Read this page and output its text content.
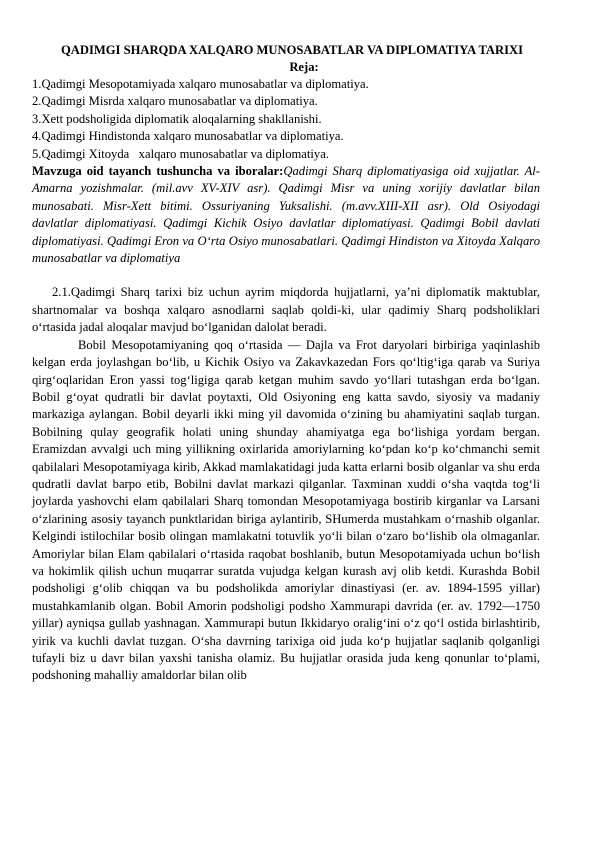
QADIMGI SHARQDA XALQARO MUNOSABATLAR VA DIPLOMATIYA TARIXI
Reja:
1.Qadimgi Mesopotamiyada xalqaro munosabatlar va diplomatiya.
2.Qadimgi Misrda xalqaro munosabatlar va diplomatiya.
3.Xett podsholigida diplomatik aloqalarning shakllanishi.
4.Qadimgi Hindistonda xalqaro munosabatlar va diplomatiya.
5.Qadimgi Xitoyda   xalqaro munosabatlar va diplomatiya.

Mavzuga oid tayanch tushuncha va iboralar:Qadimgi Sharq diplomatiyasiga oid xujjatlar. Al-Amarna yozishmalar. (mil.avv XV-XIV asr). Qadimgi Misr va uning xorijiy davlatlar bilan munosabati. Misr-Xett bitimi. Ossuriyaning Yuksalishi. (m.avv.XIII-XII asr). Old Osiyodagi davlatlar diplomatiyasi. Qadimgi Kichik Osiyo davlatlar diplomatiyasi. Qadimgi Bobil davlati diplomatiyasi. Qadimgi Eron va O‘rta Osiyo munosabatlari. Qadimgi Hindiston va Xitoyda Xalqaro munosabatlar va diplomatiya

2.1.Qadimgi Sharq tarixi biz uchun ayrim miqdorda hujjatlarni, ya’ni diplomatik maktublar, shartnomalar va boshqa xalqaro asnodlarni saqlab qoldi-ki, ular qadimiy Sharq podsholiklari o‘rtasida jadal aloqalar mavjud bo‘lganidan dalolat beradi.

Bobil Mesopotamiyaning qoq o‘rtasida — Dajla va Frot daryolari birbiriga yaqinlashib kelgan erda joylashgan bo‘lib, u Kichik Osiyo va Zakavkazedan Fors qo‘ltig‘iga qarab va Suriya qirg‘oqlaridan Eron yassi tog‘ligiga qarab ketgan muhim savdo yo‘llari tutashgan erda bo‘lgan. Bobil g‘oyat qudratli bir davlat poytaxti, Old Osiyoning eng katta savdo, siyosiy va madaniy markaziga aylangan. Bobil deyarli ikki ming yil davomida o‘zining bu ahamiyatini saqlab turgan. Bobilning qulay geografik holati uning shunday ahamiyatga ega bo‘lishiga yordam bergan. Eramizdan avvalgi uch ming yillikning oxirlarida amoriylarning ko‘pdan ko‘p ko‘chmanchi semit qabilalari Mesopotamiyaga kirib, Akkad mamlakatidagi juda katta erlarni bosib olganlar va shu erda qudratli davlat barpo etib, Bobilni davlat markazi qilganlar. Taxminan xuddi o‘sha vaqtda tog‘li joylarda yashovchi elam qabilalari Sharq tomondan Mesopotamiyaga bostirib kirganlar va Larsani o‘zlarining asosiy tayanch punktlaridan biriga aylantirib, SHumerda mustahkam o‘rnashib olganlar. Kelgindi istilochilar bosib olingan mamlakatni totuvlik yo‘li bilan o‘zaro bo‘lishib ola olmaganlar. Amoriylar bilan Elam qabilalari o‘rtasida raqobat boshlanib, butun Mesopotamiyada uchun bo‘lish va hokimlik qilish uchun muqarrar suratda vujudga kelgan kurash avj olib ketdi. Kurashda Bobil podsholigi g‘olib chiqqan va bu podsholikda amoriylar dinastiyasi (er. av. 1894-1595 yillar) mustahkamlanib olgan. Bobil Amorin podsholigi podsho Xammurapi davrida (er. av. 1792—1750 yillar) ayniqsa gullab yashnagan. Xammurapi butun Ikkidaryo oralig‘ini o‘z qo‘l ostida birlashtirib, yirik va kuchli davlat tuzgan. O‘sha davrning tarixiga oid juda ko‘p hujjatlar saqlanib qolganligi tufayli biz u davr bilan yaxshi tanisha olamiz. Bu hujjatlar orasida juda keng qonunlar to‘plami, podshoning mahalliy amaldorlar bilan olib
